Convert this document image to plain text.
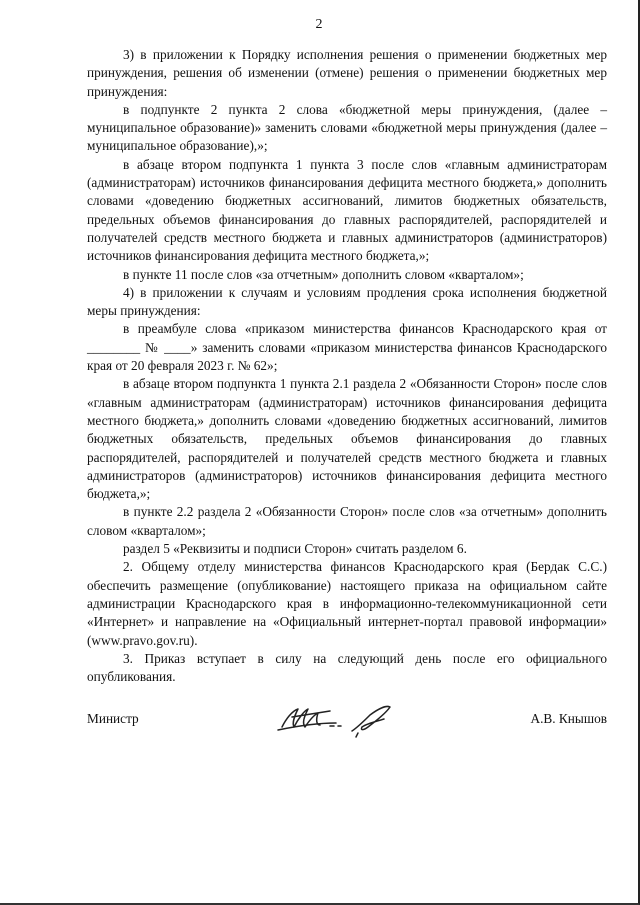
2

3) в приложении к Порядку исполнения решения о применении бюджетных мер принуждения, решения об изменении (отмене) решения о применении бюджетных мер принуждения:

в подпункте 2 пункта 2 слова «бюджетной меры принуждения, (далее – муниципальное образование)» заменить словами «бюджетной меры принуждения (далее – муниципальное образование),»;

в абзаце втором подпункта 1 пункта 3 после слов «главным администраторам (администраторам) источников финансирования дефицита местного бюджета,» дополнить словами «доведению бюджетных ассигнований, лимитов бюджетных обязательств, предельных объемов финансирования до главных распорядителей, распорядителей и получателей средств местного бюджета и главных администраторов (администраторов) источников финансирования дефицита местного бюджета,»;

в пункте 11 после слов «за отчетным» дополнить словом «кварталом»;

4) в приложении к случаям и условиям продления срока исполнения бюджетной меры принуждения:

в преамбуле слова «приказом министерства финансов Краснодарского края от ________ № ____» заменить словами «приказом министерства финансов Краснодарского края от 20 февраля 2023 г. № 62»;

в абзаце втором подпункта 1 пункта 2.1 раздела 2 «Обязанности Сторон» после слов «главным администраторам (администраторам) источников финансирования дефицита местного бюджета,» дополнить словами «доведению бюджетных ассигнований, лимитов бюджетных обязательств, предельных объемов финансирования до главных распорядителей, распорядителей и получателей средств местного бюджета и главных администраторов (администраторов) источников финансирования дефицита местного бюджета,»;

в пункте 2.2 раздела 2 «Обязанности Сторон» после слов «за отчетным» дополнить словом «кварталом»;

раздел 5 «Реквизиты и подписи Сторон» считать разделом 6.

2. Общему отделу министерства финансов Краснодарского края (Бердак С.С.) обеспечить размещение (опубликование) настоящего приказа на официальном сайте администрации Краснодарского края в информационно-телекоммуникационной сети «Интернет» и направление на «Официальный интернет-портал правовой информации» (www.pravo.gov.ru).

3. Приказ вступает в силу на следующий день после его официального опубликования.

Министр	А.В. Кнышов
